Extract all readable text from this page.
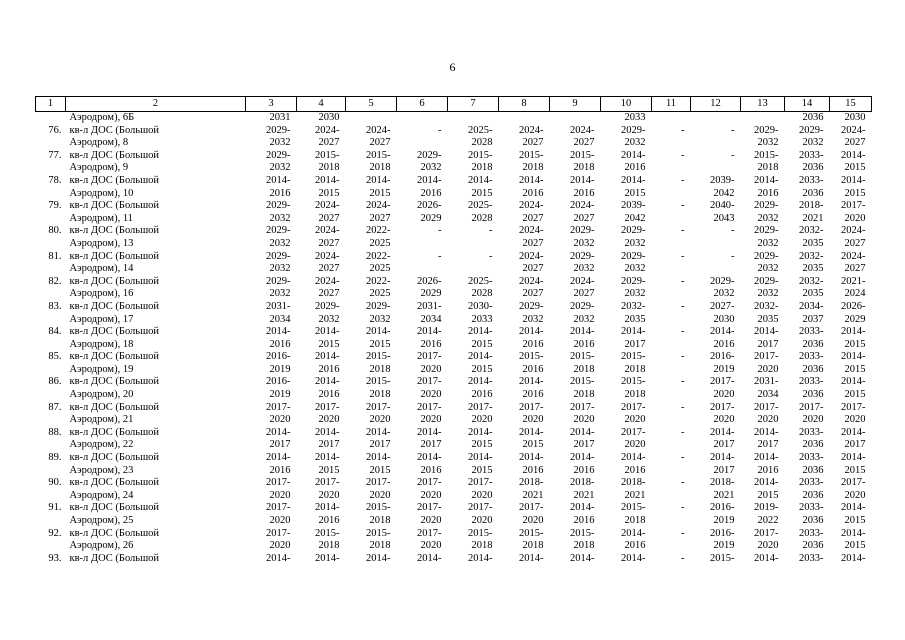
6
1	2	3	4	5	6	7	8	9	10	11	12	13	14	15
	Аэродром), 6Б	2031	2030						2033				2036	2030
76.	кв-л ДОС (Большой	2029-	2024-	2024-	-	2025-	2024-	2024-	2029-	-	-	2029-	2029-	2024-
	Аэродром), 8	2032	2027	2027		2028	2027	2027	2032			2032	2032	2027
77.	кв-л ДОС (Большой	2029-	2015-	2015-	2029-	2015-	2015-	2015-	2014-	-	-	2015-	2033-	2014-
	Аэродром), 9	2032	2018	2018	2032	2018	2018	2018	2016			2018	2036	2015
78.	кв-л ДОС (Большой	2014-	2014-	2014-	2014-	2014-	2014-	2014-	2014-	-	2039-	2014-	2033-	2014-
	Аэродром), 10	2016	2015	2015	2016	2015	2016	2016	2015		2042	2016	2036	2015
79.	кв-л ДОС (Большой	2029-	2024-	2024-	2026-	2025-	2024-	2024-	2039-	-	2040-	2029-	2018-	2017-
	Аэродром), 11	2032	2027	2027	2029	2028	2027	2027	2042		2043	2032	2021	2020
80.	кв-л ДОС (Большой	2029-	2024-	2022-	-	-	2024-	2029-	2029-	-	-	2029-	2032-	2024-
	Аэродром), 13	2032	2027	2025			2027	2032	2032			2032	2035	2027
81.	кв-л ДОС (Большой	2029-	2024-	2022-	-	-	2024-	2029-	2029-	-	-	2029-	2032-	2024-
	Аэродром), 14	2032	2027	2025			2027	2032	2032			2032	2035	2027
82.	кв-л ДОС (Большой	2029-	2024-	2022-	2026-	2025-	2024-	2024-	2029-	-	2029-	2029-	2032-	2021-
	Аэродром), 16	2032	2027	2025	2029	2028	2027	2027	2032		2032	2032	2035	2024
83.	кв-л ДОС (Большой	2031-	2029-	2029-	2031-	2030-	2029-	2029-	2032-	-	2027-	2032-	2034-	2026-
	Аэродром), 17	2034	2032	2032	2034	2033	2032	2032	2035		2030	2035	2037	2029
84.	кв-л ДОС (Большой	2014-	2014-	2014-	2014-	2014-	2014-	2014-	2014-	-	2014-	2014-	2033-	2014-
	Аэродром), 18	2016	2015	2015	2016	2015	2016	2016	2017		2016	2017	2036	2015
85.	кв-л ДОС (Большой	2016-	2014-	2015-	2017-	2014-	2015-	2015-	2015-	-	2016-	2017-	2033-	2014-
	Аэродром), 19	2019	2016	2018	2020	2015	2016	2018	2018		2019	2020	2036	2015
86.	кв-л ДОС (Большой	2016-	2014-	2015-	2017-	2014-	2014-	2015-	2015-	-	2017-	2031-	2033-	2014-
	Аэродром), 20	2019	2016	2018	2020	2016	2016	2018	2018		2020	2034	2036	2015
87.	кв-л ДОС (Большой	2017-	2017-	2017-	2017-	2017-	2017-	2017-	2017-	-	2017-	2017-	2017-	2017-
	Аэродром), 21	2020	2020	2020	2020	2020	2020	2020	2020		2020	2020	2020	2020
88.	кв-л ДОС (Большой	2014-	2014-	2014-	2014-	2014-	2014-	2014-	2017-	-	2014-	2014-	2033-	2014-
	Аэродром), 22	2017	2017	2017	2017	2015	2015	2017	2020		2017	2017	2036	2017
89.	кв-л ДОС (Большой	2014-	2014-	2014-	2014-	2014-	2014-	2014-	2014-	-	2014-	2014-	2033-	2014-
	Аэродром), 23	2016	2015	2015	2016	2015	2016	2016	2016		2017	2016	2036	2015
90.	кв-л ДОС (Большой	2017-	2017-	2017-	2017-	2017-	2018-	2018-	2018-	-	2018-	2014-	2033-	2017-
	Аэродром), 24	2020	2020	2020	2020	2020	2021	2021	2021		2021	2015	2036	2020
91.	кв-л ДОС (Большой	2017-	2014-	2015-	2017-	2017-	2017-	2014-	2015-	-	2016-	2019-	2033-	2014-
	Аэродром), 25	2020	2016	2018	2020	2020	2020	2016	2018		2019	2022	2036	2015
92.	кв-л ДОС (Большой	2017-	2015-	2015-	2017-	2015-	2015-	2015-	2014-	-	2016-	2017-	2033-	2014-
	Аэродром), 26	2020	2018	2018	2020	2018	2018	2018	2016		2019	2020	2036	2015
93.	кв-л ДОС (Большой	2014-	2014-	2014-	2014-	2014-	2014-	2014-	2014-	-	2015-	2014-	2033-	2014-
